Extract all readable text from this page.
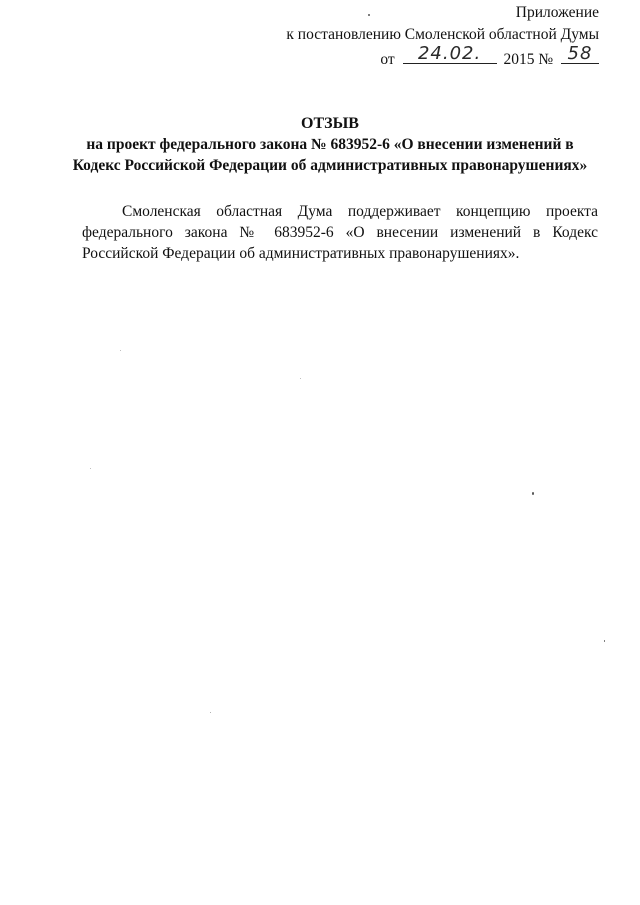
Приложение
к постановлению Смоленской областной Думы
от	24.02.	2015 № 58
ОТЗЫВ
на проект федерального закона № 683952-6 «О внесении изменений в
Кодекс Российской Федерации об административных правонарушениях»
Смоленская областная Дума поддерживает концепцию проекта федерального закона № 683952-6 «О внесении изменений в Кодекс Российской Федерации об административных правонарушениях».
